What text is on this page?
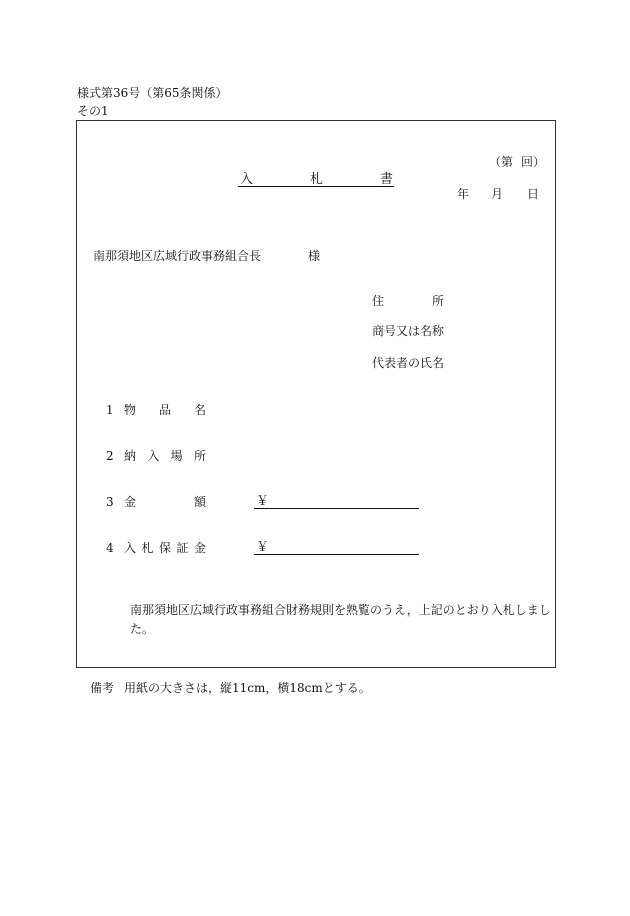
様式第36号（第65条関係）
その1
（第 回）
入	札	書
年 月 日
南那須地区広域行政事務組合長	様
住	所
商号又は名称
代表者の氏名
1 物 品 名
2 納 入 場 所
3 金	額	￥
4 入 札 保 証 金	￥
南那須地区広域行政事務組合財務規則を熟覧のうえ，上記のとおり入札しました。
備考 用紙の大きさは，縦11cm，横18cmとする。
